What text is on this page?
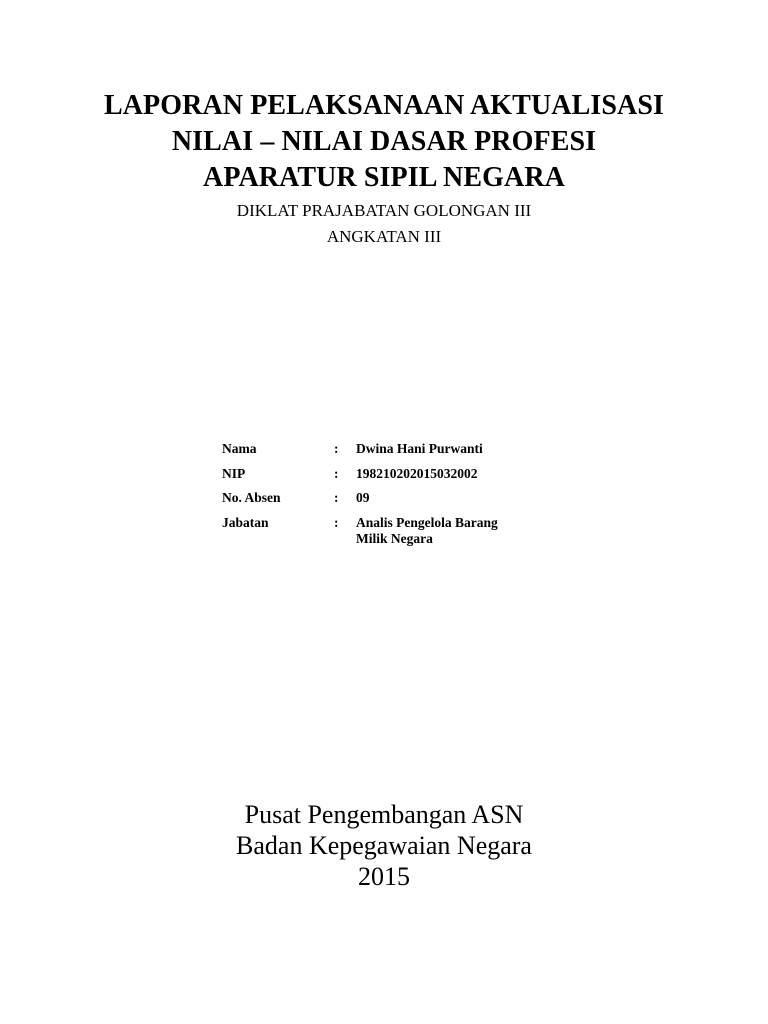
LAPORAN PELAKSANAAN AKTUALISASI
NILAI – NILAI DASAR PROFESI
APARATUR SIPIL NEGARA
DIKLAT PRAJABATAN GOLONGAN III
ANGKATAN III
Nama	:	Dwina Hani Purwanti
NIP	:	198210202015032002
No. Absen	:	09
Jabatan	:	Analis Pengelola Barang
Milik Negara
Pusat Pengembangan ASN
Badan Kepegawaian Negara
2015
